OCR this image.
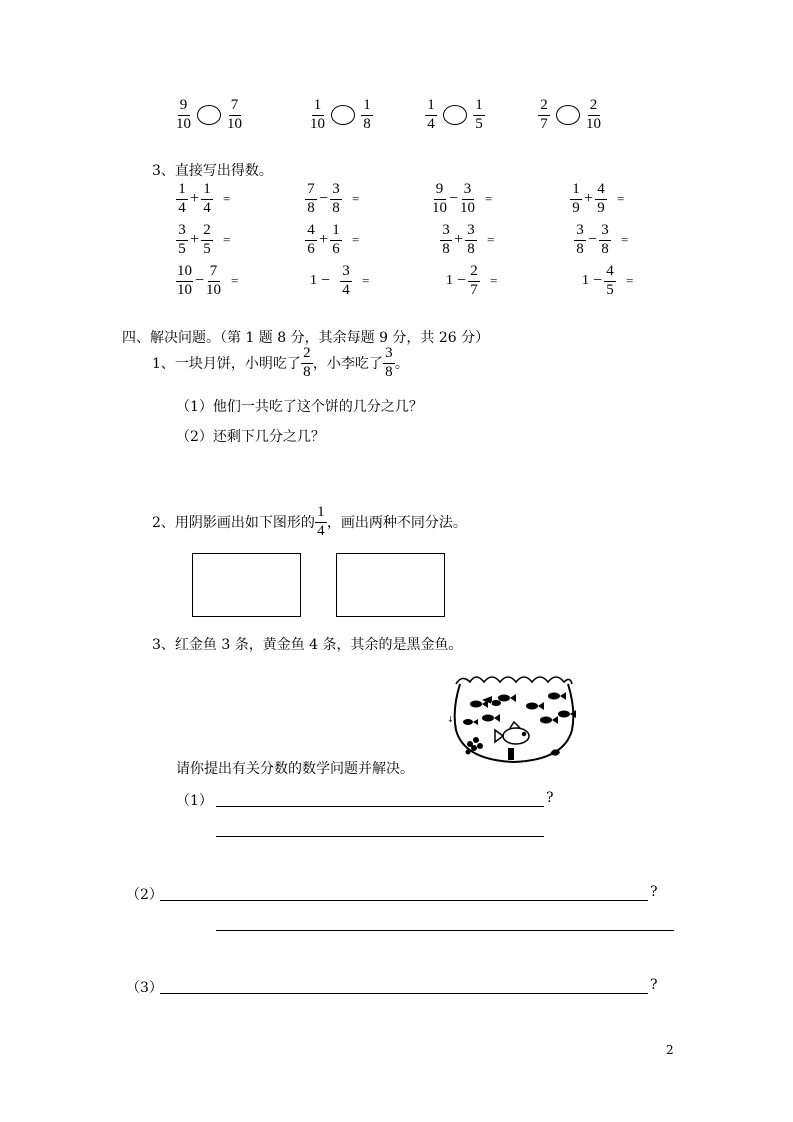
$\frac{9}{10} \frac{7}{10}$	$\frac{1}{10} \frac{1}{8}$	$\frac{1}{4} \frac{1}{5}$	$\frac{2}{7} \frac{2}{10}$
3、直接写出得数。
$\frac{1}{4} + \frac{1}{4}$ =	$\frac{7}{8} - \frac{3}{8}$ =	$\frac{9}{10} - \frac{3}{10}$ =	$\frac{1}{9} + \frac{4}{9}$ =
$\frac{3}{5} + \frac{2}{5}$ =	$\frac{4}{6} + \frac{1}{6}$ =	$\frac{3}{8} + \frac{3}{8}$ =	$\frac{3}{8} - \frac{3}{8}$ =
$\frac{10}{10} - \frac{7}{10}$ =	$1 - \frac{3}{4}$ =	$1 - \frac{2}{7}$ =	$1 - \frac{4}{5}$ =
四、解决问题。（第 1 题 8 分，其余每题 9 分，共 26 分）
1、一块月饼，小明吃了 $\frac{2}{8}$ ，小李吃了 $\frac{3}{8}$ 。
（1）他们一共吃了这个饼的几分之几？
（2）还剩下几分之几？
2、用阴影画出如下图形的 $\frac{1}{4}$ ，画出两种不同分法。
3、红金鱼 3 条，黄金鱼 4 条，其余的是黑金鱼。
↓
请你提出有关分数的数学问题并解决。
（1）	?
（2）	?
（3）	?
2
